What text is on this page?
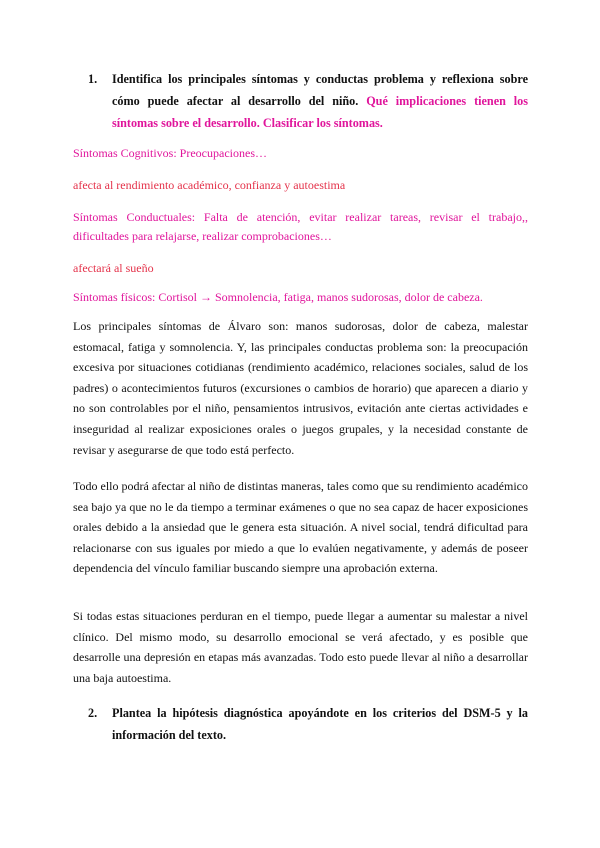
1. Identifica los principales síntomas y conductas problema y reflexiona sobre cómo puede afectar al desarrollo del niño. Qué implicaciones tienen los síntomas sobre el desarrollo. Clasificar los síntomas.
Síntomas Cognitivos: Preocupaciones…
afecta al rendimiento académico, confianza y autoestima
Síntomas Conductuales: Falta de atención, evitar realizar tareas, revisar el trabajo,, dificultades para relajarse, realizar comprobaciones…
afectará al sueño
Síntomas físicos: Cortisol → Somnolencia, fatiga, manos sudorosas, dolor de cabeza.

Los principales síntomas de Álvaro son: manos sudorosas, dolor de cabeza, malestar estomacal, fatiga y somnolencia. Y, las principales conductas problema son: la preocupación excesiva por situaciones cotidianas (rendimiento académico, relaciones sociales, salud de los padres) o acontecimientos futuros (excursiones o cambios de horario) que aparecen a diario y no son controlables por el niño, pensamientos intrusivos, evitación ante ciertas actividades e inseguridad al realizar exposiciones orales o juegos grupales, y la necesidad constante de revisar y asegurarse de que todo está perfecto.

Todo ello podrá afectar al niño de distintas maneras, tales como que su rendimiento académico sea bajo ya que no le da tiempo a terminar exámenes o que no sea capaz de hacer exposiciones orales debido a la ansiedad que le genera esta situación. A nivel social, tendrá dificultad para relacionarse con sus iguales por miedo a que lo evalúen negativamente, y además de poseer dependencia del vínculo familiar buscando siempre una aprobación externa.

Si todas estas situaciones perduran en el tiempo, puede llegar a aumentar su malestar a nivel clínico. Del mismo modo, su desarrollo emocional se verá afectado, y es posible que desarrolle una depresión en etapas más avanzadas. Todo esto puede llevar al niño a desarrollar una baja autoestima.

2. Plantea la hipótesis diagnóstica apoyándote en los criterios del DSM-5 y la información del texto.
